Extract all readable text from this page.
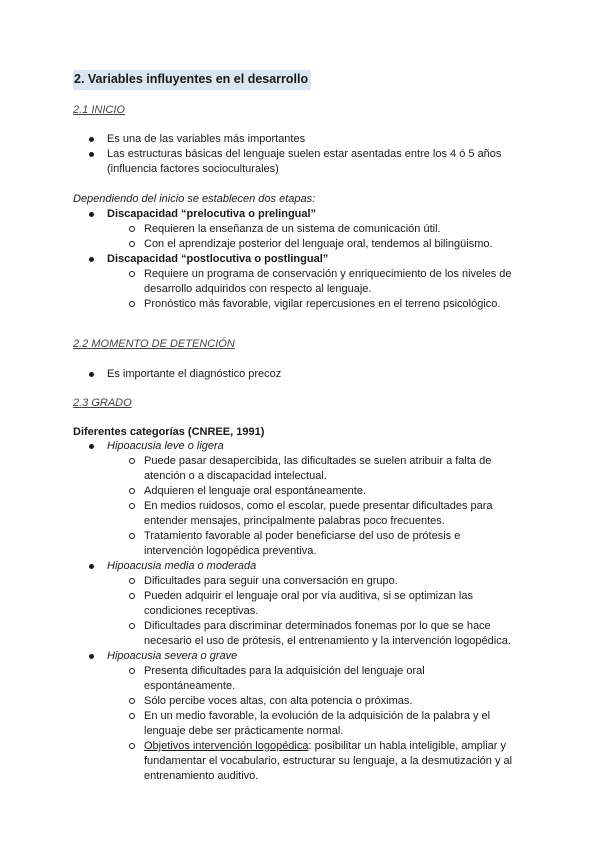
2. Variables influyentes en el desarrollo
2.1 INICIO
Es una de las variables más importantes
Las estructuras básicas del lenguaje suelen estar asentadas entre los 4 ó 5 años (influencia factores socioculturales)
Dependiendo del inicio se establecen dos etapas:
Discapacidad “prelocutiva o prelingual”
Requieren la enseñanza de un sistema de comunicación útil.
Con el aprendizaje posterior del lenguaje oral, tendemos al bilingüismo.
Discapacidad “postlocutiva o postlingual”
Requiere un programa de conservación y enriquecimiento de los niveles de desarrollo adquiridos con respecto al lenguaje.
Pronóstico más favorable, vigilar repercusiones en el terreno psicológico.
2.2 MOMENTO DE DETENCIÓN
Es importante el diagnóstico precoz
2.3 GRADO
Diferentes categorías (CNREE, 1991)
Hipoacusia leve o ligera
Puede pasar desapercibida, las dificultades se suelen atribuir a falta de atención o a discapacidad intelectual.
Adquieren el lenguaje oral espontáneamente.
En medios ruidosos, como el escolar, puede presentar dificultades para entender mensajes, principalmente palabras poco frecuentes.
Tratamiento favorable al poder beneficiarse del uso de prótesis e intervención logopédica preventiva.
Hipoacusia media o moderada
Dificultades para seguir una conversación en grupo.
Pueden adquirir el lenguaje oral por vía auditiva, si se optimizan las condiciones receptivas.
Dificultades para discriminar determinados fonemas por lo que se hace necesario el uso de prótesis, el entrenamiento y la intervención logopédica.
Hipoacusia severa o grave
Presenta dificultades para la adquisición del lenguaje oral espontáneamente.
Sólo percibe voces altas, con alta potencia o próximas.
En un medio favorable, la evolución de la adquisición de la palabra y el lenguaje debe ser prácticamente normal.
Objetivos intervención logopédica: posibilitar un habla inteligible, ampliar y fundamentar el vocabulario, estructurar su lenguaje, a la desmutización y al entrenamiento auditivo.
